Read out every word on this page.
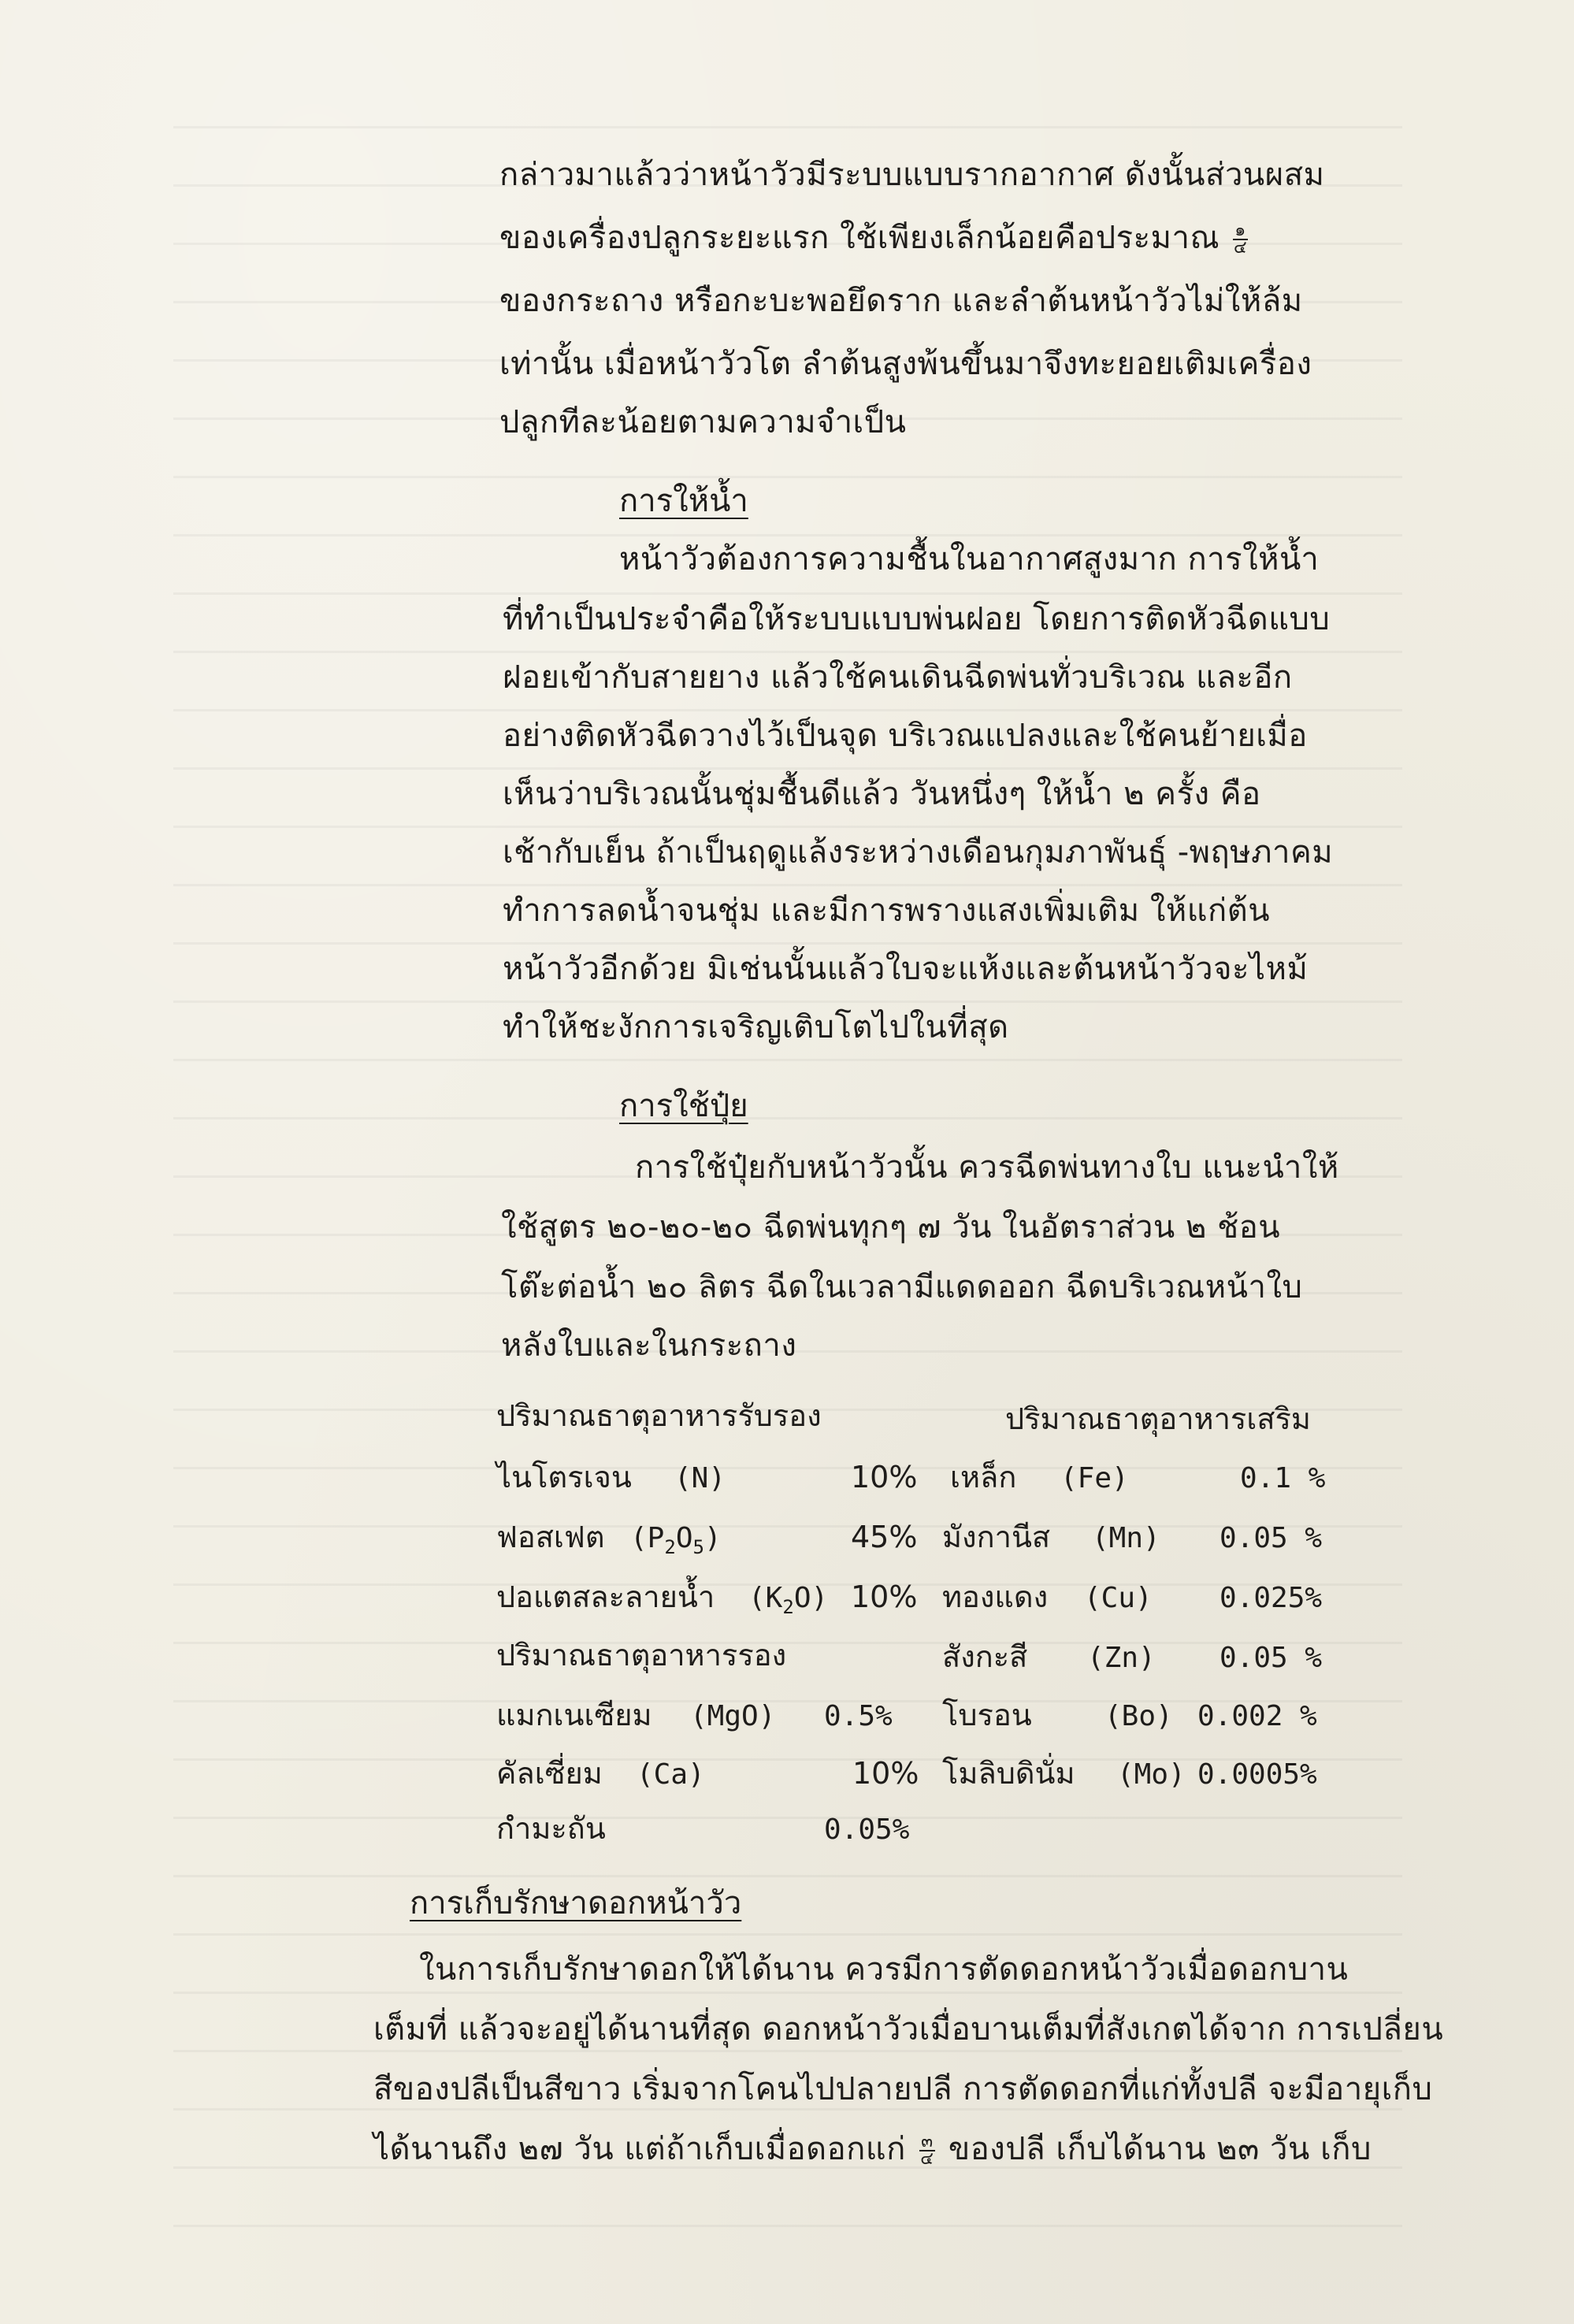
กล่าวมาแล้วว่าหน้าวัวมีระบบแบบรากอากาศ ดังนั้นส่วนผสม
ของเครื่องปลูกระยะแรก ใช้เพียงเล็กน้อยคือประมาณ $\frac{๑}{๔}$
ของกระถาง หรือกะบะพอยึดราก และลำต้นหน้าวัวไม่ให้ล้ม
เท่านั้น เมื่อหน้าวัวโต ลำต้นสูงพ้นขึ้นมาจึงทะยอยเติมเครื่อง
ปลูกทีละน้อยตามความจำเป็น
การให้น้ำ
หน้าวัวต้องการความชื้นในอากาศสูงมาก การให้น้ำ
ที่ทำเป็นประจำคือให้ระบบแบบพ่นฝอย โดยการติดหัวฉีดแบบ
ฝอยเข้ากับสายยาง แล้วใช้คนเดินฉีดพ่นทั่วบริเวณ และอีก
อย่างติดหัวฉีดวางไว้เป็นจุด บริเวณแปลงและใช้คนย้ายเมื่อ
เห็นว่าบริเวณนั้นชุ่มชื้นดีแล้ว วันหนึ่งๆ ให้น้ำ ๒ ครั้ง คือ
เช้ากับเย็น ถ้าเป็นฤดูแล้งระหว่างเดือนกุมภาพันธุ์ -พฤษภาคม
ทำการลดน้ำจนชุ่ม และมีการพรางแสงเพิ่มเติม ให้แก่ต้น
หน้าวัวอีกด้วย มิเช่นนั้นแล้วใบจะแห้งและต้นหน้าวัวจะไหม้
ทำให้ชะงักการเจริญเติบโตไปในที่สุด
การใช้ปุ๋ย
การใช้ปุ๋ยกับหน้าวัวนั้น ควรฉีดพ่นทางใบ แนะนำให้
ใช้สูตร ๒๐-๒๐-๒๐ ฉีดพ่นทุกๆ ๗ วัน ในอัตราส่วน ๒ ช้อน
โต๊ะต่อน้ำ ๒๐ ลิตร ฉีดในเวลามีแดดออก ฉีดบริเวณหน้าใบ
หลังใบและในกระถาง
ปริมาณธาตุอาหารรับรอง	ปริมาณธาตุอาหารเสริม
ไนโตรเจน (N)	10% เหล็ก (Fe)	0.1 %
ฟอสเฟต $(P_2O_5)$	45% มังกานีส (Mn) 0.05 %
ปอแตสละลายน้ำ $(K_2O)$ 10% ทองแดง (Cu) 0.025%
ปริมาณธาตุอาหารรอง	สังกะสี (Zn) 0.05 %
แมกเนเซียม (MgO) 0.5% โบรอน	(Bo) 0.002 %
คัลเซี่ยม (Ca)	10% โมลิบดินั่ม (Mo) 0.0005%
กำมะถัน	0.05%
การเก็บรักษาดอกหน้าวัว
ในการเก็บรักษาดอกให้ได้นาน ควรมีการตัดดอกหน้าวัวเมื่อดอกบาน
เต็มที่ แล้วจะอยู่ได้นานที่สุด ดอกหน้าวัวเมื่อบานเต็มที่สังเกตได้จาก การเปลี่ยน
สีของปลีเป็นสีขาว เริ่มจากโคนไปปลายปลี การตัดดอกที่แก่ทั้งปลี จะมีอายุเก็บ
ได้นานถึง ๒๗ วัน แต่ถ้าเก็บเมื่อดอกแก่ $\frac{๓}{๔}$ ของปลี เก็บได้นาน ๒๓ วัน เก็บ
